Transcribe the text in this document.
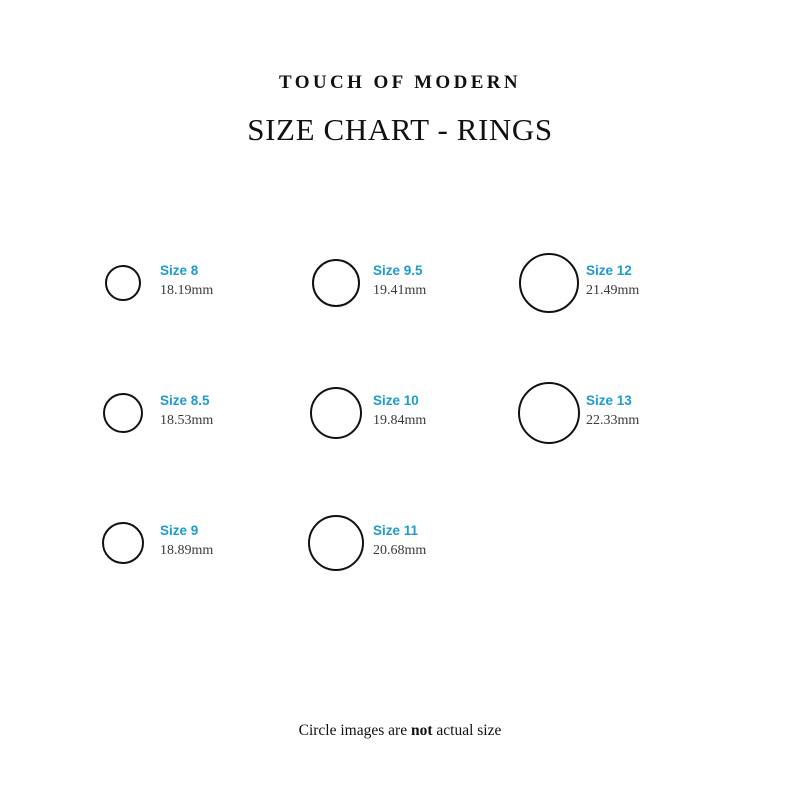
TOUCH OF MODERN
SIZE CHART - RINGS
Size 8
18.19mm
Size 9.5
19.41mm
Size 12
21.49mm
Size 8.5
18.53mm
Size 10
19.84mm
Size 13
22.33mm
Size 9
18.89mm
Size 11
20.68mm
Circle images are not actual size
